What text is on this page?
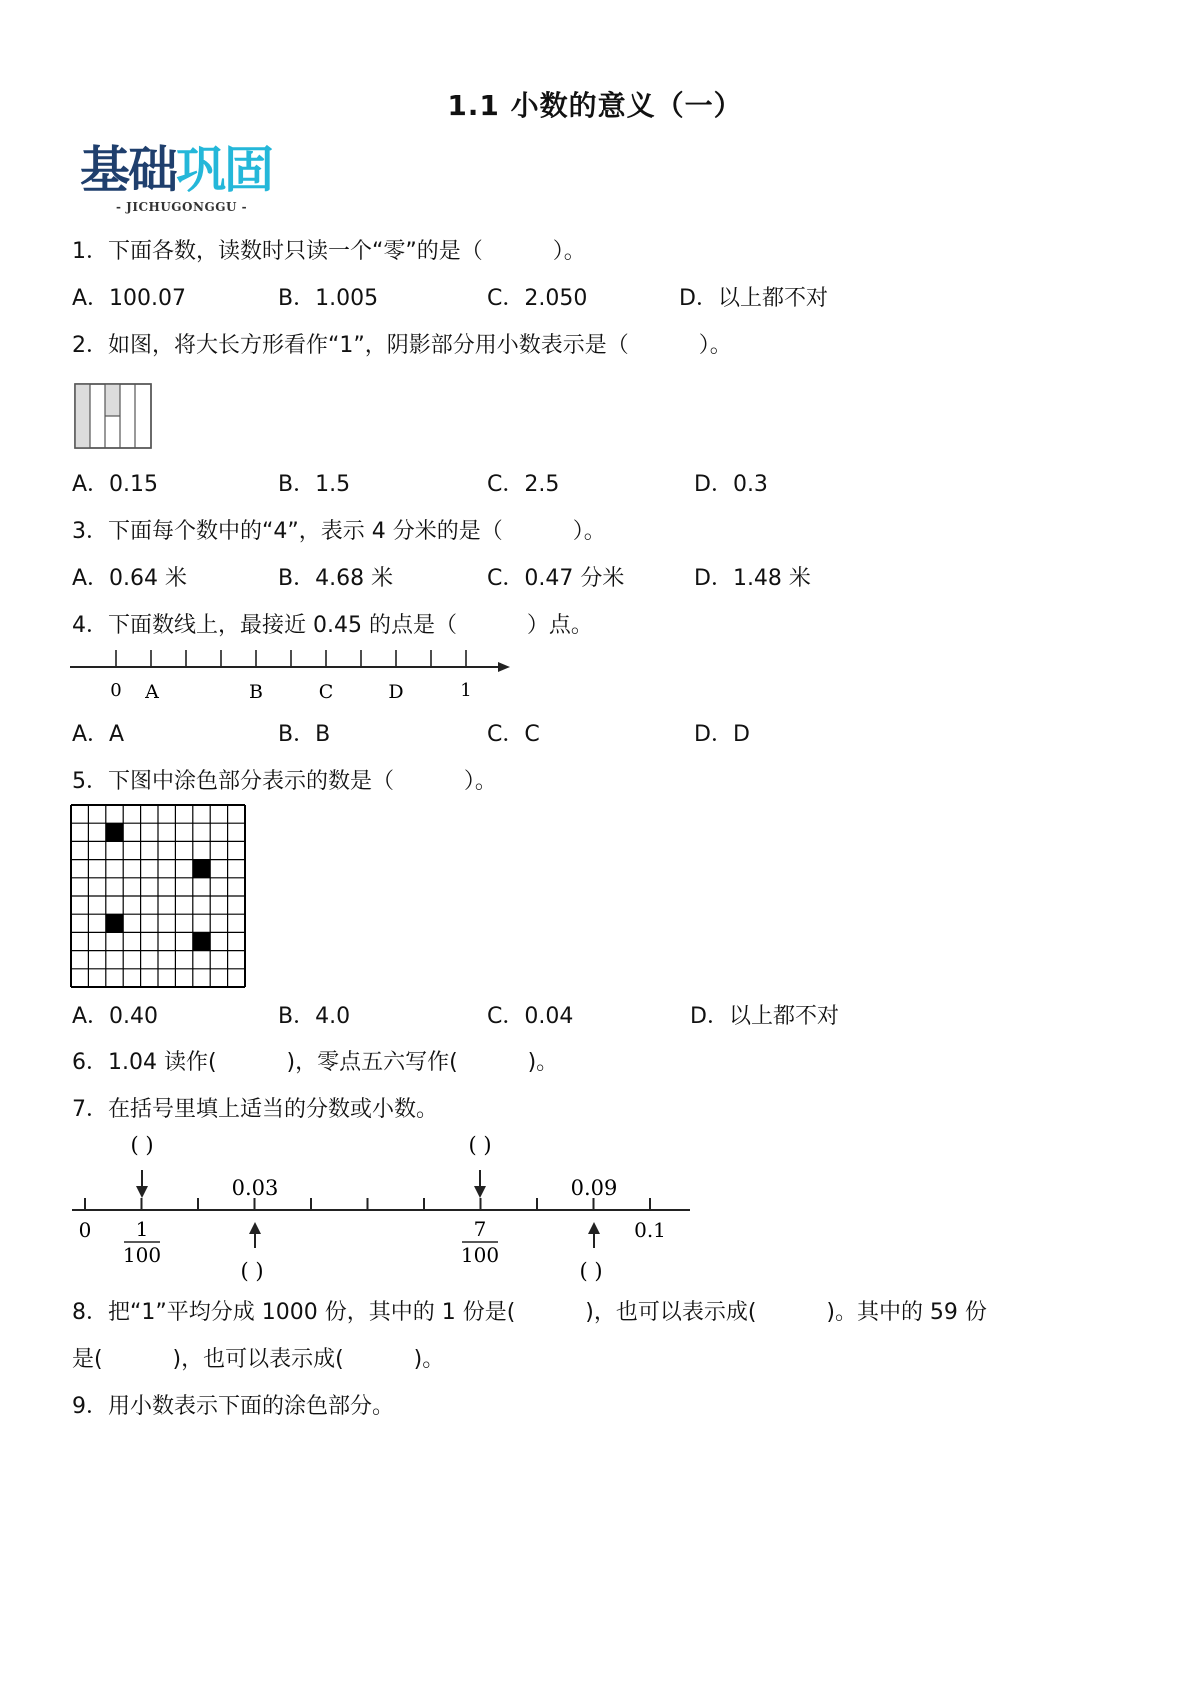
1.1 小数的意义（一）
基础巩固
- JICHUGONGGU -
1．下面各数，读数时只读一个“零”的是（          ）。
A．100.07	B．1.005	C．2.050	D．以上都不对
2．如图，将大长方形看作“1”，阴影部分用小数表示是（          ）。
A．0.15	B．1.5	C．2.5	D．0.3
3．下面每个数中的“4”，表示 4 分米的是（          ）。
A．0.64 米	B．4.68 米	C．0.47 分米	D．1.48 米
4．下面数线上，最接近 0.45 的点是（          ）点。
0	1
A	B	C	D
A．A	B．B	C．C	D．D
5．下图中涂色部分表示的数是（          ）。
A．0.40	B．4.0	C．0.04	D．以上都不对
6．1.04 读作(          )，零点五六写作(          )。
7．在括号里填上适当的分数或小数。
( )	( )
0.03	0.09
0	0.1
1
100
7
100
( )	( )
8．把“1”平均分成 1000 份，其中的 1 份是(          )，也可以表示成(          )。其中的 59 份
是(          )，也可以表示成(          )。
9．用小数表示下面的涂色部分。
